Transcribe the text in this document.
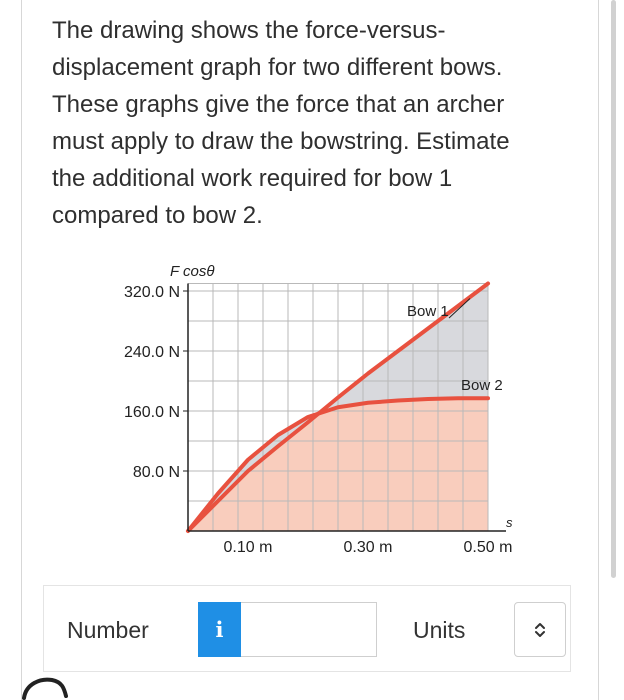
The drawing shows the force-versus-
displacement graph for two different bows.
These graphs give the force that an archer
must apply to draw the bowstring. Estimate
the additional work required for bow 1
compared to bow 2.
320.0 N
240.0 N
160.0 N
80.0 N
0.10 m	0.30 m	0.50 m
F cosθ
s
Bow 1
Bow 2
Number	i	Units
